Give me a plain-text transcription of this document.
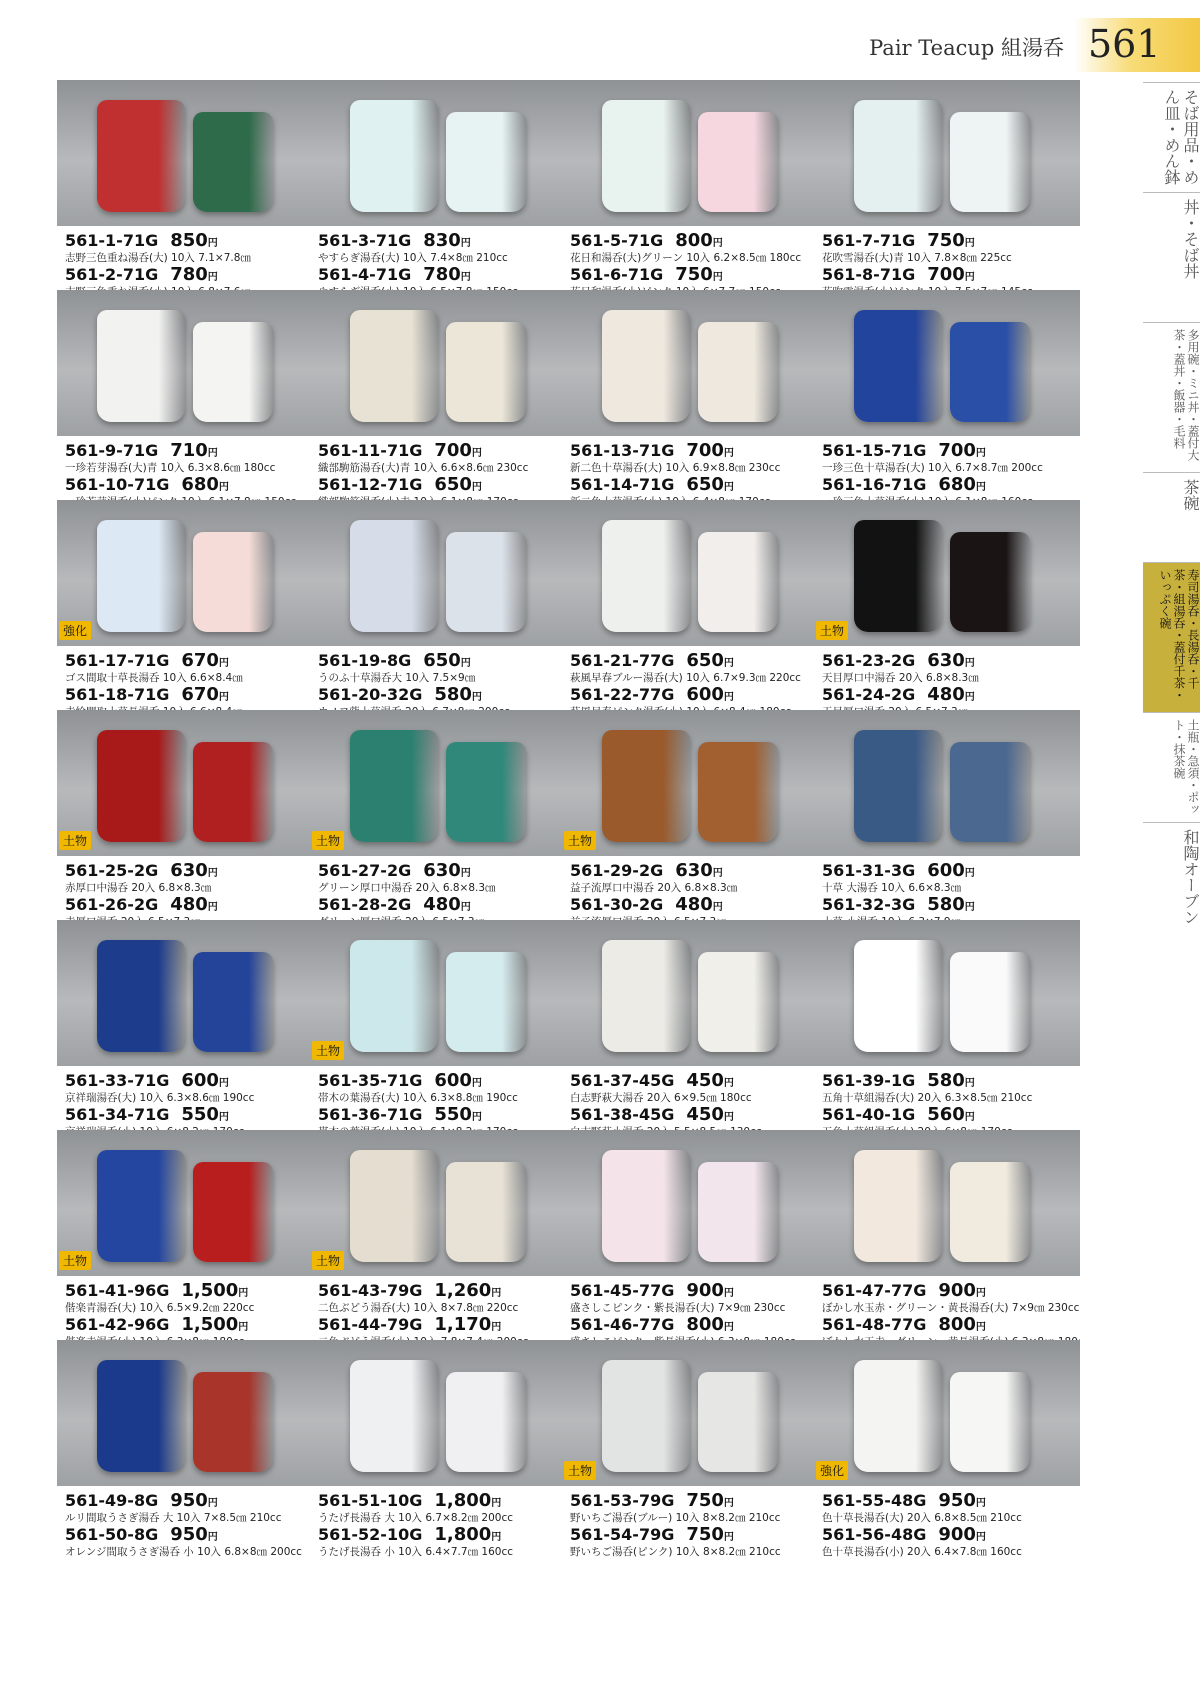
Pair Teacup 組湯呑 561
そば用品・めん皿・めん鉢
丼・そば丼
多用碗・ミニ丼・蓋付大茶・蓋丼・飯器・毛料
茶碗
寿司湯呑・長湯呑・千茶・組湯呑・蓋付千茶・いっぷく碗
土瓶・急須・ポット・抹茶碗
和陶オーブン
561-1-71G 850円
志野三色重ね湯呑(大) 10入 7.1×7.8㎝
561-2-71G 780円
561-3-71G 830円
やすらぎ湯呑(大) 10入 7.4×8㎝ 210cc
561-4-71G 780円
561-5-71G 800円
花日和湯呑(大)グリーン 10入 6.2×8.5㎝ 180cc
561-6-71G 750円
561-7-71G 750円
花吹雪湯呑(大)青 10入 7.8×8㎝ 225cc
561-8-71G 700円
561-9-71G 710円
一珍若芽湯呑(大)青 10入 6.3×8.6㎝ 180cc
561-10-71G 680円
561-11-71G 700円
織部駒筋湯呑(大)青 10入 6.6×8.6㎝ 230cc
561-12-71G 650円
561-13-71G 700円
新二色十草湯呑(大) 10入 6.9×8.8㎝ 230cc
561-14-71G 650円
561-15-71G 700円
一珍三色十草湯呑(大) 10入 6.7×8.7㎝ 200cc
561-16-71G 680円
強化
561-17-71G 670円
ゴス間取十草長湯呑 10入 6.6×8.4㎝
561-18-71G 670円
561-19-8G 650円
うのふ十草湯呑大 10入 7.5×9㎝
561-20-32G 580円
561-21-77G 650円
萩風早春ブルー湯呑(大) 10入 6.7×9.3㎝ 220cc
561-22-77G 600円
土物
561-23-2G 630円
天目厚口中湯呑 20入 6.8×8.3㎝
561-24-2G 480円
土物
561-25-2G 630円
赤厚口中湯呑 20入 6.8×8.3㎝
561-26-2G 480円
土物
561-27-2G 630円
グリーン厚口中湯呑 20入 6.8×8.3㎝
561-28-2G 480円
土物
561-29-2G 630円
益子流厚口中湯呑 20入 6.8×8.3㎝
561-30-2G 480円
561-31-3G 600円
十草 大湯呑 10入 6.6×8.3㎝
561-32-3G 580円
561-33-71G 600円
京祥瑞湯呑(大) 10入 6.3×8.6㎝ 190cc
561-34-71G 550円
土物
561-35-71G 600円
帯木の葉湯呑(大) 10入 6.3×8.8㎝ 190cc
561-36-71G 550円
561-37-45G 450円
白志野萩大湯呑 20入 6×9.5㎝ 180cc
561-38-45G 450円
561-39-1G 580円
五角十草組湯呑(大) 20入 6.3×8.5㎝ 210cc
561-40-1G 560円
土物
561-41-96G 1,500円
偕楽青湯呑(大) 10入 6.5×9.2㎝ 220cc
561-42-96G 1,500円
土物
561-43-79G 1,260円
二色ぶどう湯呑(大) 10入 8×7.8㎝ 220cc
561-44-79G 1,170円
561-45-77G 900円
盛さしこピンク・紫長湯呑(大) 7×9㎝ 230cc
561-46-77G 800円
561-47-77G 900円
ぼかし水玉赤・グリーン・黄長湯呑(大) 7×9㎝ 230cc
561-48-77G 800円
561-49-8G 950円
ルリ間取うさぎ湯呑 大 10入 7×8.5㎝ 210cc
561-50-8G 950円
オレンジ間取うさぎ湯呑 小 10入 6.8×8㎝ 200cc
561-51-10G 1,800円
うたげ長湯呑 大 10入 6.7×8.2㎝ 200cc
561-52-10G 1,800円
うたげ長湯呑 小 10入 6.4×7.7㎝ 160cc
土物
561-53-79G 750円
野いちご湯呑(ブルー) 10入 8×8.2㎝ 210cc
561-54-79G 750円
野いちご湯呑(ピンク) 10入 8×8.2㎝ 210cc
強化
561-55-48G 950円
色十草長湯呑(大) 20入 6.8×8.5㎝ 210cc
561-56-48G 900円
色十草長湯呑(小) 20入 6.4×7.8㎝ 160cc
